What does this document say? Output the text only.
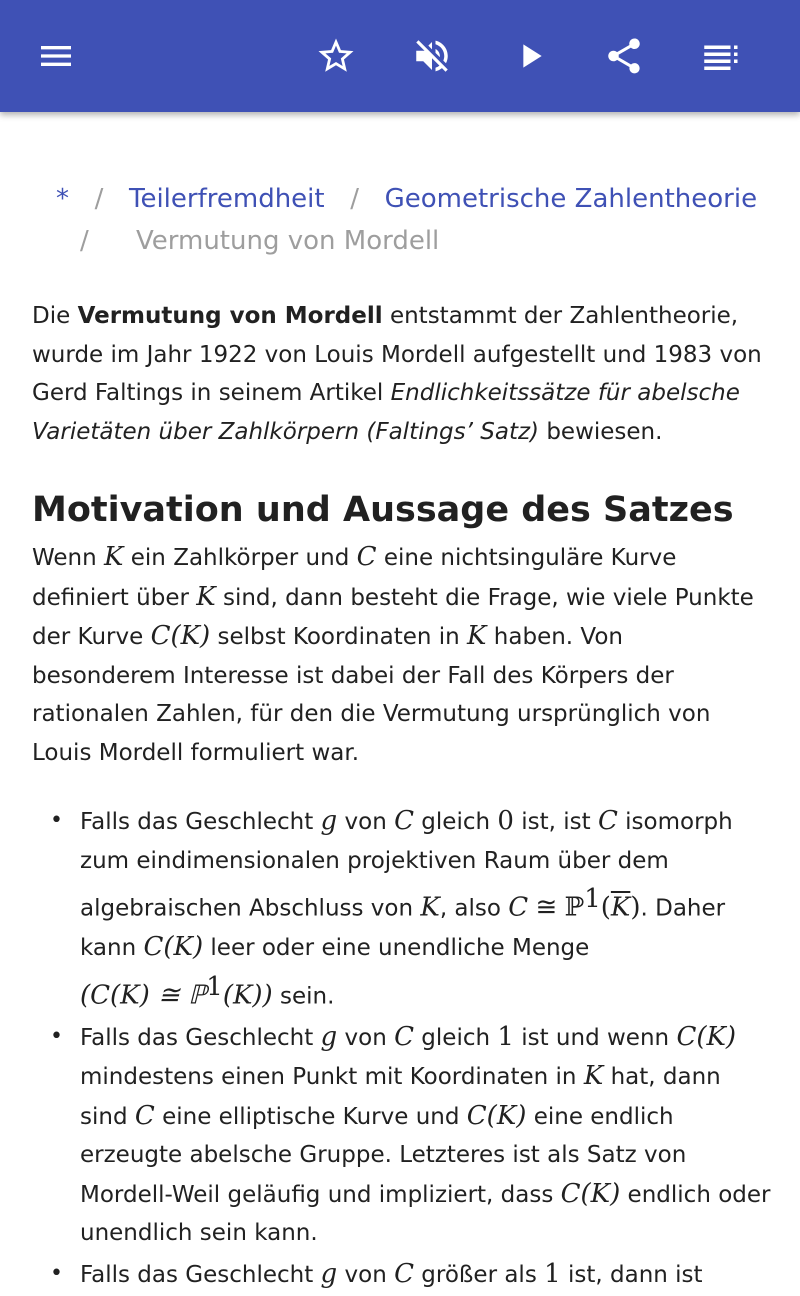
* / Teilerfremdheit / Geometrische Zahlentheorie
/ Vermutung von Mordell
Die Vermutung von Mordell entstammt der Zahlentheorie, wurde im Jahr 1922 von Louis Mordell aufgestellt und 1983 von Gerd Faltings in seinem Artikel Endlichkeitssätze für abelsche Varietäten über Zahlkörpern (Faltings’ Satz) bewiesen.
Motivation und Aussage des Satzes
Wenn K ein Zahlkörper und C eine nichtsinguläre Kurve definiert über K sind, dann besteht die Frage, wie viele Punkte der Kurve C(K) selbst Koordinaten in K haben. Von besonderem Interesse ist dabei der Fall des Körpers der rationalen Zahlen, für den die Vermutung ursprünglich von Louis Mordell formuliert war.
• Falls das Geschlecht g von C gleich 0 ist, ist C isomorph zum eindimensionalen projektiven Raum über dem algebraischen Abschluss von K, also C ≅ $ℙ^1(\overline{K})$. Daher kann C(K) leer oder eine unendliche Menge
(C(K) ≅ ℙ$^1$(K)) sein.
• Falls das Geschlecht g von C gleich 1 ist und wenn C(K) mindestens einen Punkt mit Koordinaten in K hat, dann sind C eine elliptische Kurve und C(K) eine endlich erzeugte abelsche Gruppe. Letzteres ist als Satz von Mordell-Weil geläufig und impliziert, dass C(K) endlich oder unendlich sein kann.
• Falls das Geschlecht g von C größer als 1 ist, dann ist
